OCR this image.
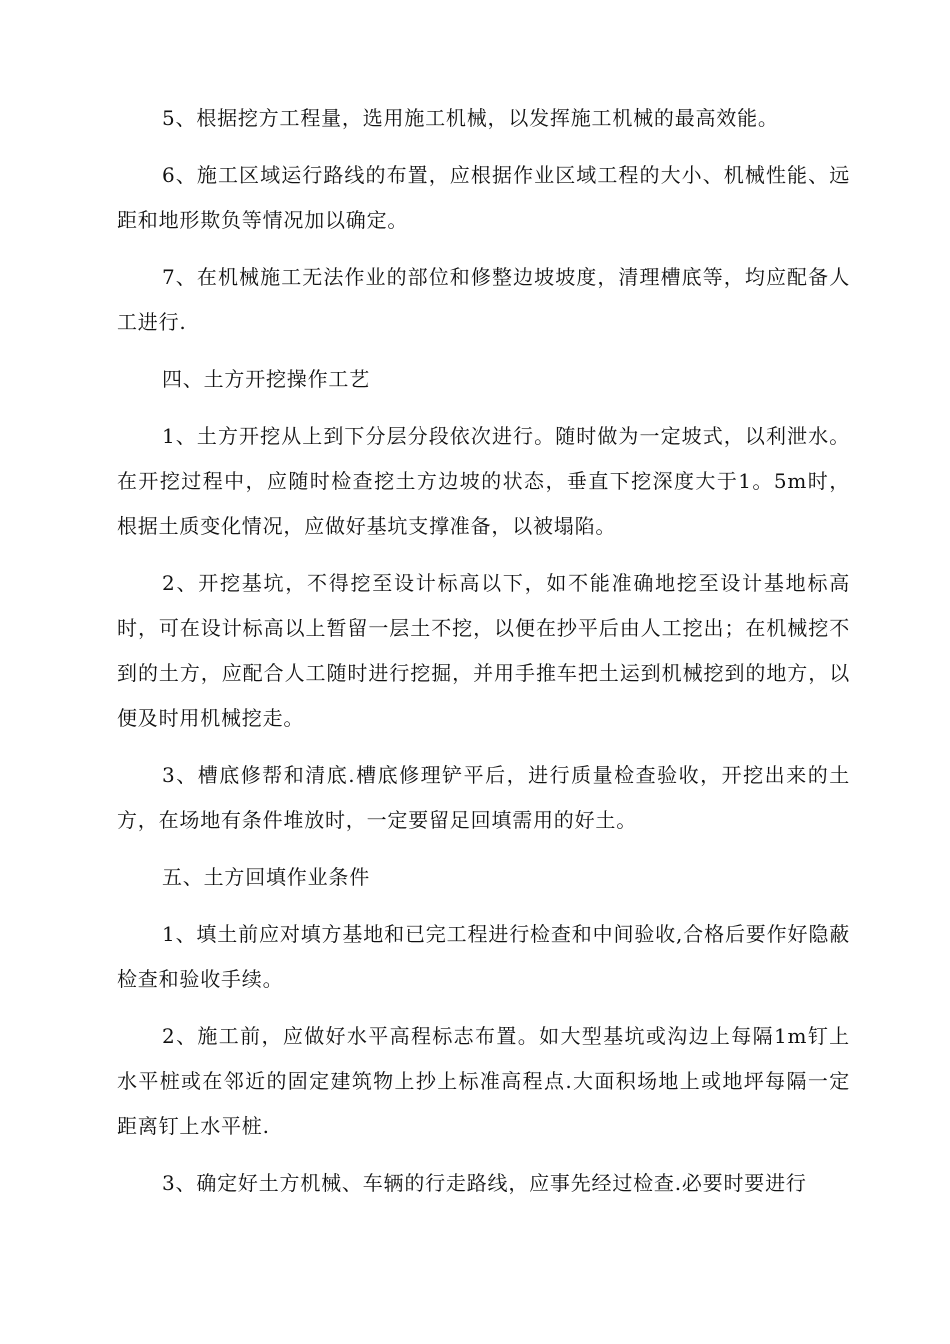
5、根据挖方工程量，选用施工机械，以发挥施工机械的最高效能。

6、施工区域运行路线的布置，应根据作业区域工程的大小、机械性能、远距和地形欺负等情况加以确定。

7、在机械施工无法作业的部位和修整边坡坡度，清理槽底等，均应配备人工进行.

四、土方开挖操作工艺

1、土方开挖从上到下分层分段依次进行。随时做为一定坡式，以利泄水。在开挖过程中，应随时检查挖土方边坡的状态，垂直下挖深度大于1。5m时，根据土质变化情况，应做好基坑支撑准备，以被塌陷。

2、开挖基坑，不得挖至设计标高以下，如不能准确地挖至设计基地标高时，可在设计标高以上暂留一层土不挖，以便在抄平后由人工挖出；在机械挖不到的土方，应配合人工随时进行挖掘，并用手推车把土运到机械挖到的地方，以便及时用机械挖走。

3、槽底修帮和清底.槽底修理铲平后，进行质量检查验收，开挖出来的土方，在场地有条件堆放时，一定要留足回填需用的好土。

五、土方回填作业条件

1、填土前应对填方基地和已完工程进行检查和中间验收,合格后要作好隐蔽检查和验收手续。

2、施工前，应做好水平高程标志布置。如大型基坑或沟边上每隔1m钉上水平桩或在邻近的固定建筑物上抄上标准高程点.大面积场地上或地坪每隔一定距离钉上水平桩.

3、确定好土方机械、车辆的行走路线，应事先经过检查.必要时要进行
